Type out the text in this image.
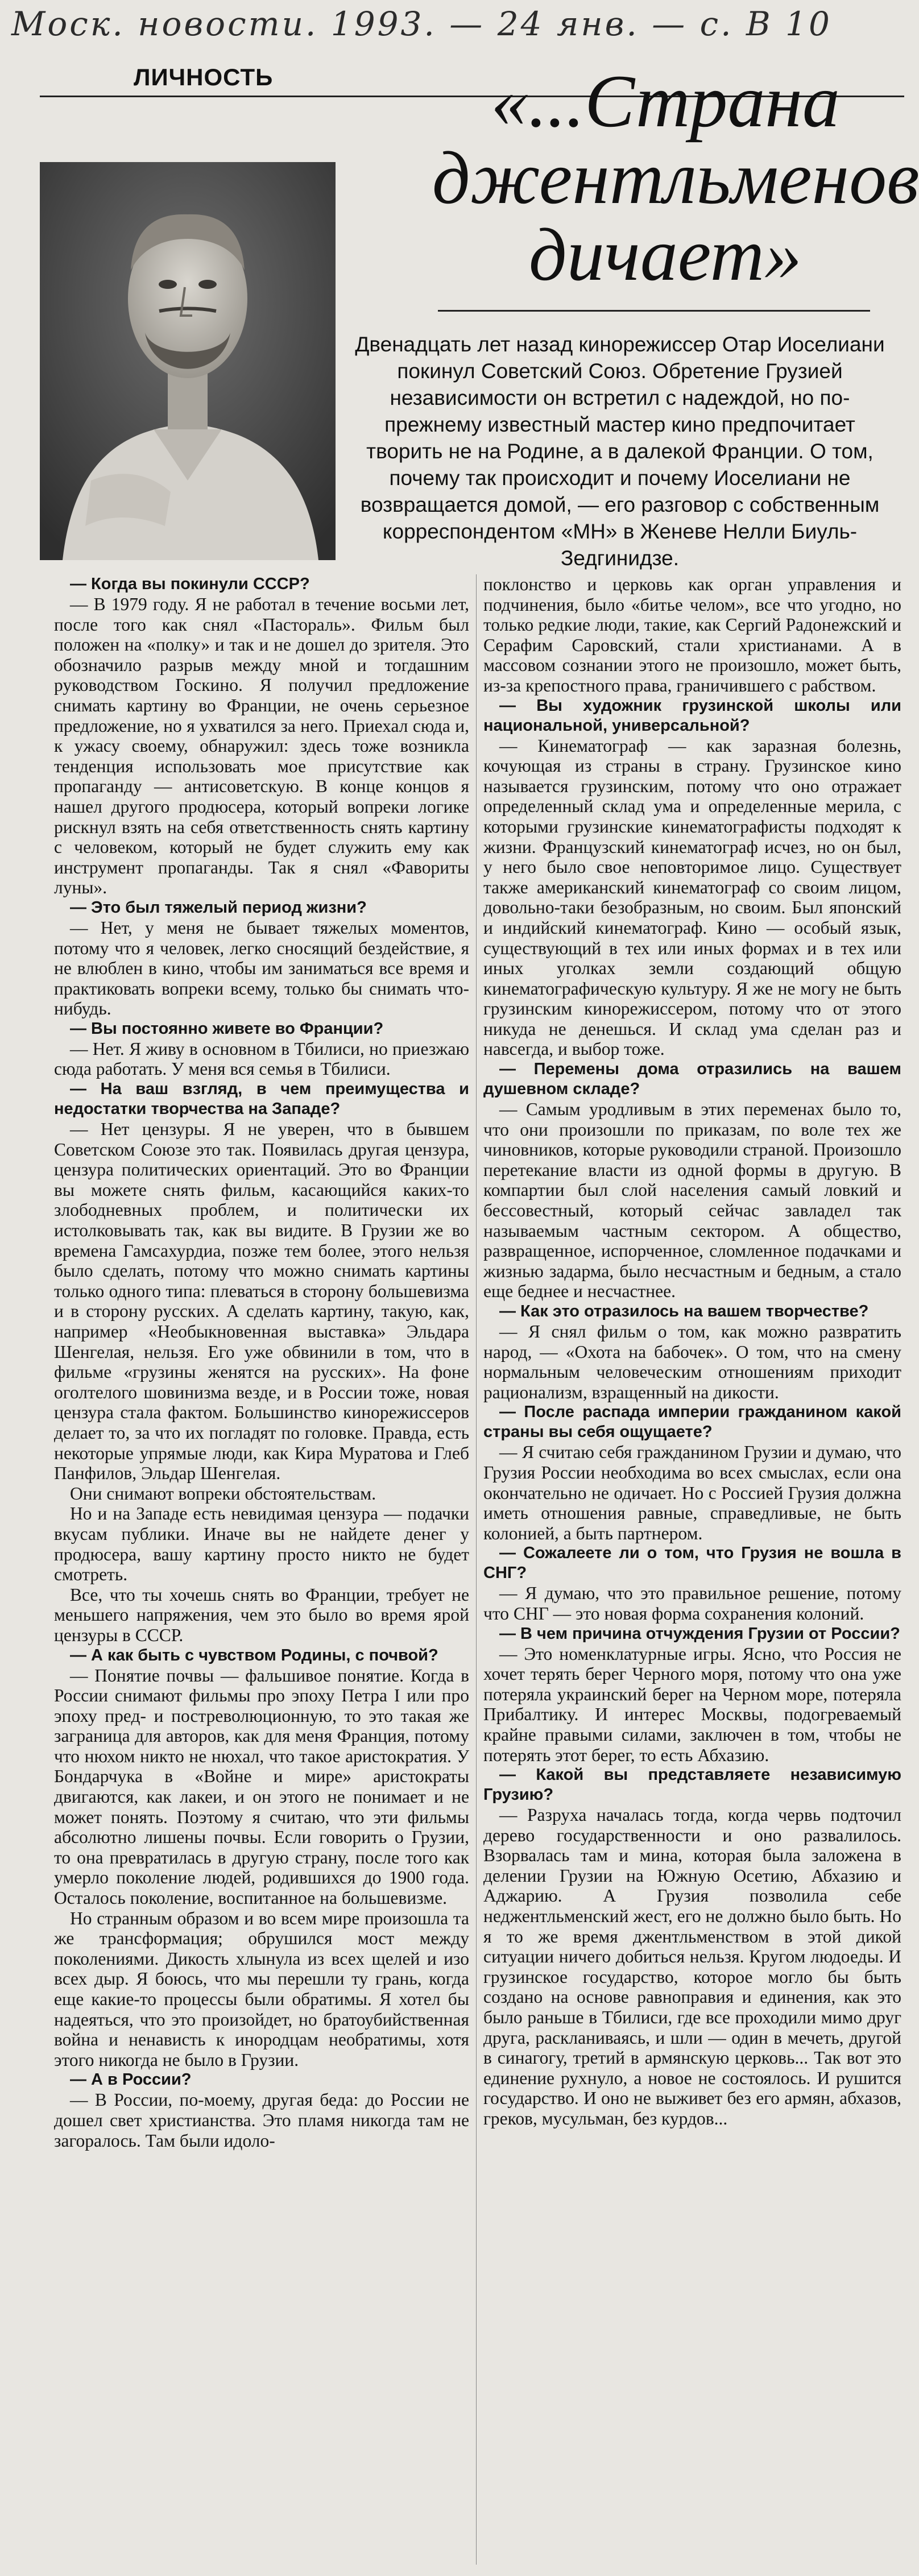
Моск. новости. 1993. — 24 янв. — с. В 10
ЛИЧНОСТЬ	«...Страна джентльменов дичает»
Двенадцать лет назад кинорежиссер Отар Иоселиани покинул Советский Союз. Обретение Грузией независимости он встретил с надеждой, но по-прежнему известный мастер кино предпочитает творить не на Родине, а в далекой Франции. О том, почему так происходит и почему Иоселиани не возвращается домой, — его разговор с собственным корреспондентом «МН» в Женеве Нелли Биуль-Зедгинидзе.

— Когда вы покинули СССР?

— В 1979 году. Я не работал в течение восьми лет, после того как снял «Пастораль». Фильм был положен на «полку» и так и не дошел до зрителя. Это обозначило разрыв между мной и тогдашним руководством Госкино. Я получил предложение снимать картину во Франции, не очень серьезное предложение, но я ухватился за него. Приехал сюда и, к ужасу своему, обнаружил: здесь тоже возникла тенденция использовать мое присутствие как пропаганду — антисоветскую. В конце концов я нашел другого продюсера, который вопреки логике рискнул взять на себя ответственность снять картину с человеком, который не будет служить ему как инструмент пропаганды. Так я снял «Фавориты луны».

— Это был тяжелый период жизни?

— Нет, у меня не бывает тяжелых моментов, потому что я человек, легко сносящий бездействие, я не влюблен в кино, чтобы им заниматься все время и практиковать вопреки всему, только бы снимать что-нибудь.

— Вы постоянно живете во Франции?

— Нет. Я живу в основном в Тбилиси, но приезжаю сюда работать. У меня вся семья в Тбилиси.

— На ваш взгляд, в чем преимущества и недостатки творчества на Западе?

— Нет цензуры. Я не уверен, что в бывшем Советском Союзе это так. Появилась другая цензура, цензура политических ориентаций. Это во Франции вы можете снять фильм, касающийся каких-то злободневных проблем, и политически их истолковывать так, как вы видите. В Грузии же во времена Гамсахурдиа, позже тем более, этого нельзя было сделать, потому что можно снимать картины только одного типа: плеваться в сторону большевизма и в сторону русских. А сделать картину, такую, как, например «Необыкновенная выставка» Эльдара Шенгелая, нельзя. Его уже обвинили в том, что в фильме «грузины женятся на русских». На фоне оголтелого шовинизма везде, и в России тоже, новая цензура стала фактом. Большинство кинорежиссеров делает то, за что их погладят по головке. Правда, есть некоторые упрямые люди, как Кира Муратова и Глеб Панфилов, Эльдар Шенгелая.

Они снимают вопреки обстоятельствам.

Но и на Западе есть невидимая цензура — подачки вкусам публики. Иначе вы не найдете денег у продюсера, вашу картину просто никто не будет смотреть.

Все, что ты хочешь снять во Франции, требует не меньшего напряжения, чем это было во время ярой цензуры в СССР.

— А как быть с чувством Родины, с почвой?

— Понятие почвы — фальшивое понятие. Когда в России снимают фильмы про эпоху Петра I или про эпоху пред- и постреволюционную, то это такая же заграница для авторов, как для меня Франция, потому что нюхом никто не нюхал, что такое аристократия. У Бондарчука в «Войне и мире» аристократы двигаются, как лакеи, и он этого не понимает и не может понять. Поэтому я считаю, что эти фильмы абсолютно лишены почвы. Если говорить о Грузии, то она превратилась в другую страну, после того как умерло поколение людей, родившихся до 1900 года. Осталось поколение, воспитанное на большевизме.

Но странным образом и во всем мире произошла та же трансформация; обрушился мост между поколениями. Дикость хлынула из всех щелей и изо всех дыр. Я боюсь, что мы перешли ту грань, когда еще какие-то процессы были обратимы. Я хотел бы надеяться, что это произойдет, но братоубийственная война и ненависть к инородцам необратимы, хотя этого никогда не было в Грузии.

— А в России?

— В России, по-моему, другая беда: до России не дошел свет христианства. Это пламя никогда там не загоралось. Там были идоло-

поклонство и церковь как орган управления и подчинения, было «битье челом», все что угодно, но только редкие люди, такие, как Сергий Радонежский и Серафим Саровский, стали христианами. А в массовом сознании этого не произошло, может быть, из-за крепостного права, граничившего с рабством.

— Вы художник грузинской школы или национальной, универсальной?

— Кинематограф — как заразная болезнь, кочующая из страны в страну. Грузинское кино называется грузинским, потому что оно отражает определенный склад ума и определенные мерила, с которыми грузинские кинематографисты подходят к жизни. Французский кинематограф исчез, но он был, у него было свое неповторимое лицо. Существует также американский кинематограф со своим лицом, довольно-таки безобразным, но своим. Был японский и индийский кинематограф. Кино — особый язык, существующий в тех или иных формах и в тех или иных уголках земли создающий общую кинематографическую культуру. Я же не могу не быть грузинским кинорежиссером, потому что от этого никуда не денешься. И склад ума сделан раз и навсегда, и выбор тоже.

— Перемены дома отразились на вашем душевном складе?

— Самым уродливым в этих переменах было то, что они произошли по приказам, по воле тех же чиновников, которые руководили страной. Произошло перетекание власти из одной формы в другую. В компартии был слой населения самый ловкий и бессовестный, который сейчас завладел так называемым частным сектором. А общество, развращенное, испорченное, сломленное подачками и жизнью задарма, было несчастным и бедным, а стало еще беднее и несчастнее.

— Как это отразилось на вашем творчестве?

— Я снял фильм о том, как можно развратить народ, — «Охота на бабочек». О том, что на смену нормальным человеческим отношениям приходит рационализм, взращенный на дикости.

— После распада империи гражданином какой страны вы себя ощущаете?

— Я считаю себя гражданином Грузии и думаю, что Грузия России необходима во всех смыслах, если она окончательно не одичает. Но с Россией Грузия должна иметь отношения равные, справедливые, не быть колонией, а быть партнером.

— Сожалеете ли о том, что Грузия не вошла в СНГ?

— Я думаю, что это правильное решение, потому что СНГ — это новая форма сохранения колоний.

— В чем причина отчуждения Грузии от России?

— Это номенклатурные игры. Ясно, что Россия не хочет терять берег Черного моря, потому что она уже потеряла украинский берег на Черном море, потеряла Прибалтику. И интерес Москвы, подогреваемый крайне правыми силами, заключен в том, чтобы не потерять этот берег, то есть Абхазию.

— Какой вы представляете независимую Грузию?

— Разруха началась тогда, когда червь подточил дерево государственности и оно развалилось. Взорвалась там и мина, которая была заложена в делении Грузии на Южную Осетию, Абхазию и Аджарию. А Грузия позволила себе неджентльменский жест, его не должно было быть. Но я то же время джентльменством в этой дикой ситуации ничего добиться нельзя. Кругом людоеды. И грузинское государство, которое могло бы быть создано на основе равноправия и единения, как это было раньше в Тбилиси, где все проходили мимо друг друга, раскланиваясь, и шли — один в мечеть, другой в синагогу, третий в армянскую церковь... Так вот это единение рухнуло, а новое не состоялось. И рушится государство. И оно не выживет без его армян, абхазов, греков, мусульман, без курдов...
